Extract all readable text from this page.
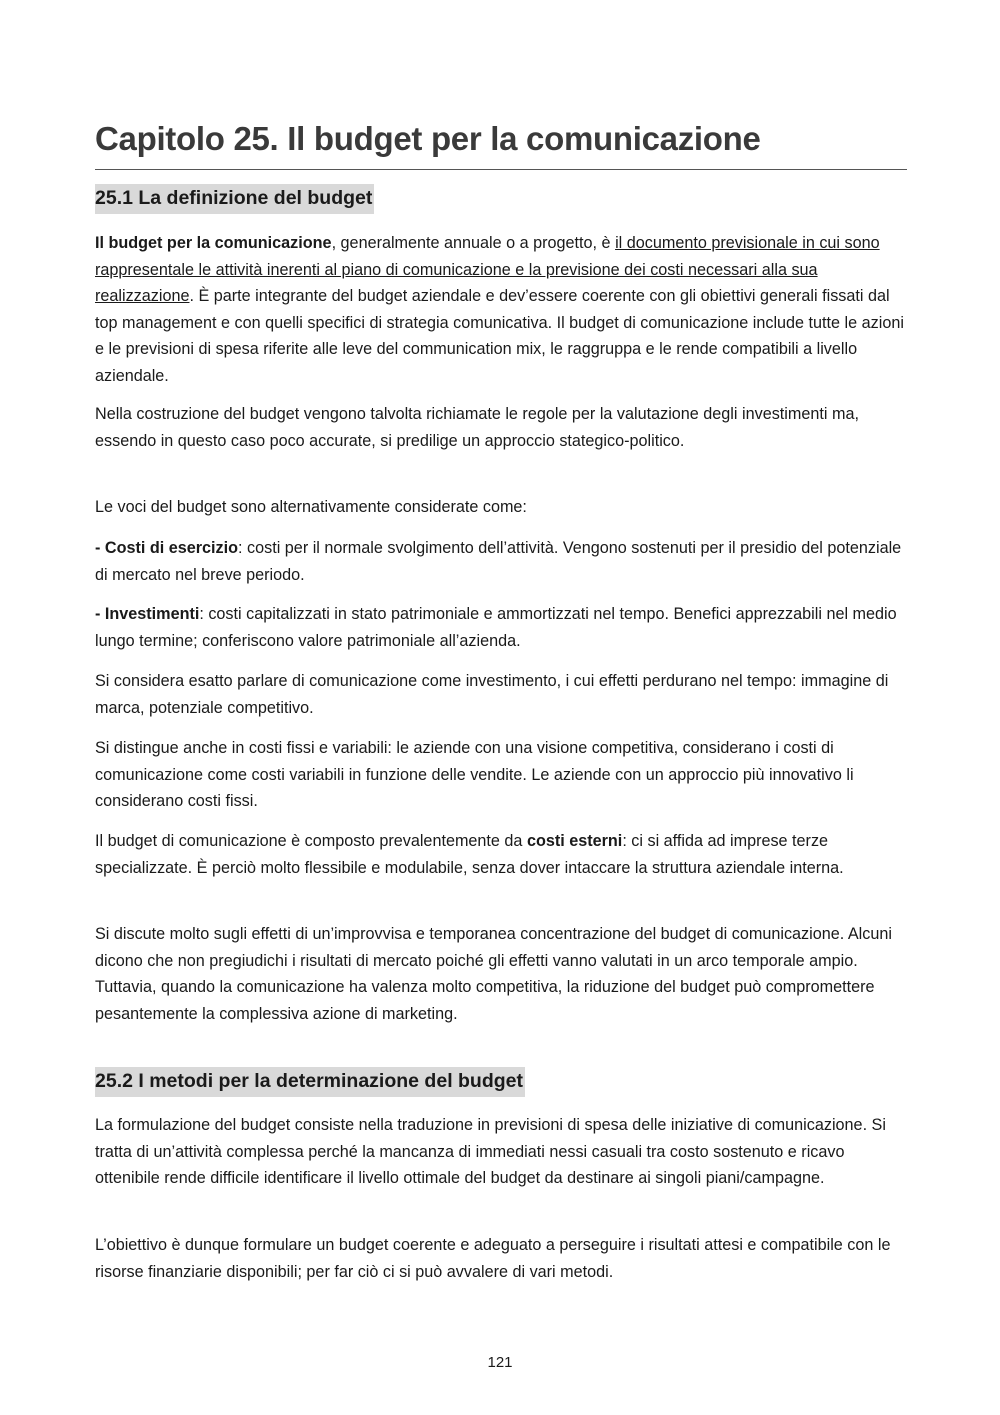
Capitolo 25. Il budget per la comunicazione
25.1 La definizione del budget

Il budget per la comunicazione, generalmente annuale o a progetto, è il documento previsionale in cui sono rappresentale le attività inerenti al piano di comunicazione e la previsione dei costi necessari alla sua realizzazione. È parte integrante del budget aziendale e dev’essere coerente con gli obiettivi generali fissati dal top management e con quelli specifici di strategia comunicativa. Il budget di comunicazione include tutte le azioni e le previsioni di spesa riferite alle leve del communication mix, le raggruppa e le rende compatibili a livello aziendale.

Nella costruzione del budget vengono talvolta richiamate le regole per la valutazione degli investimenti ma, essendo in questo caso poco accurate, si predilige un approccio stategico-politico.

Le voci del budget sono alternativamente considerate come:

- Costi di esercizio: costi per il normale svolgimento dell’attività. Vengono sostenuti per il presidio del potenziale di mercato nel breve periodo.

- Investimenti: costi capitalizzati in stato patrimoniale e ammortizzati nel tempo. Benefici apprezzabili nel medio lungo termine; conferiscono valore patrimoniale all’azienda.

Si considera esatto parlare di comunicazione come investimento, i cui effetti perdurano nel tempo: immagine di marca, potenziale competitivo.

Si distingue anche in costi fissi e variabili: le aziende con una visione competitiva, considerano i costi di comunicazione come costi variabili in funzione delle vendite. Le aziende con un approccio più innovativo li considerano costi fissi.

Il budget di comunicazione è composto prevalentemente da costi esterni: ci si affida ad imprese terze specializzate. È perciò molto flessibile e modulabile, senza dover intaccare la struttura aziendale interna.

Si discute molto sugli effetti di un’improvvisa e temporanea concentrazione del budget di comunicazione. Alcuni dicono che non pregiudichi i risultati di mercato poiché gli effetti vanno valutati in un arco temporale ampio. Tuttavia, quando la comunicazione ha valenza molto competitiva, la riduzione del budget può compromettere pesantemente la complessiva azione di marketing.

25.2 I metodi per la determinazione del budget

La formulazione del budget consiste nella traduzione in previsioni di spesa delle iniziative di comunicazione. Si tratta di un’attività complessa perché la mancanza di immediati nessi casuali tra costo sostenuto e ricavo ottenibile rende difficile identificare il livello ottimale del budget da destinare ai singoli piani/campagne.

L’obiettivo è dunque formulare un budget coerente e adeguato a perseguire i risultati attesi e compatibile con le risorse finanziarie disponibili; per far ciò ci si può avvalere di vari metodi.

121
